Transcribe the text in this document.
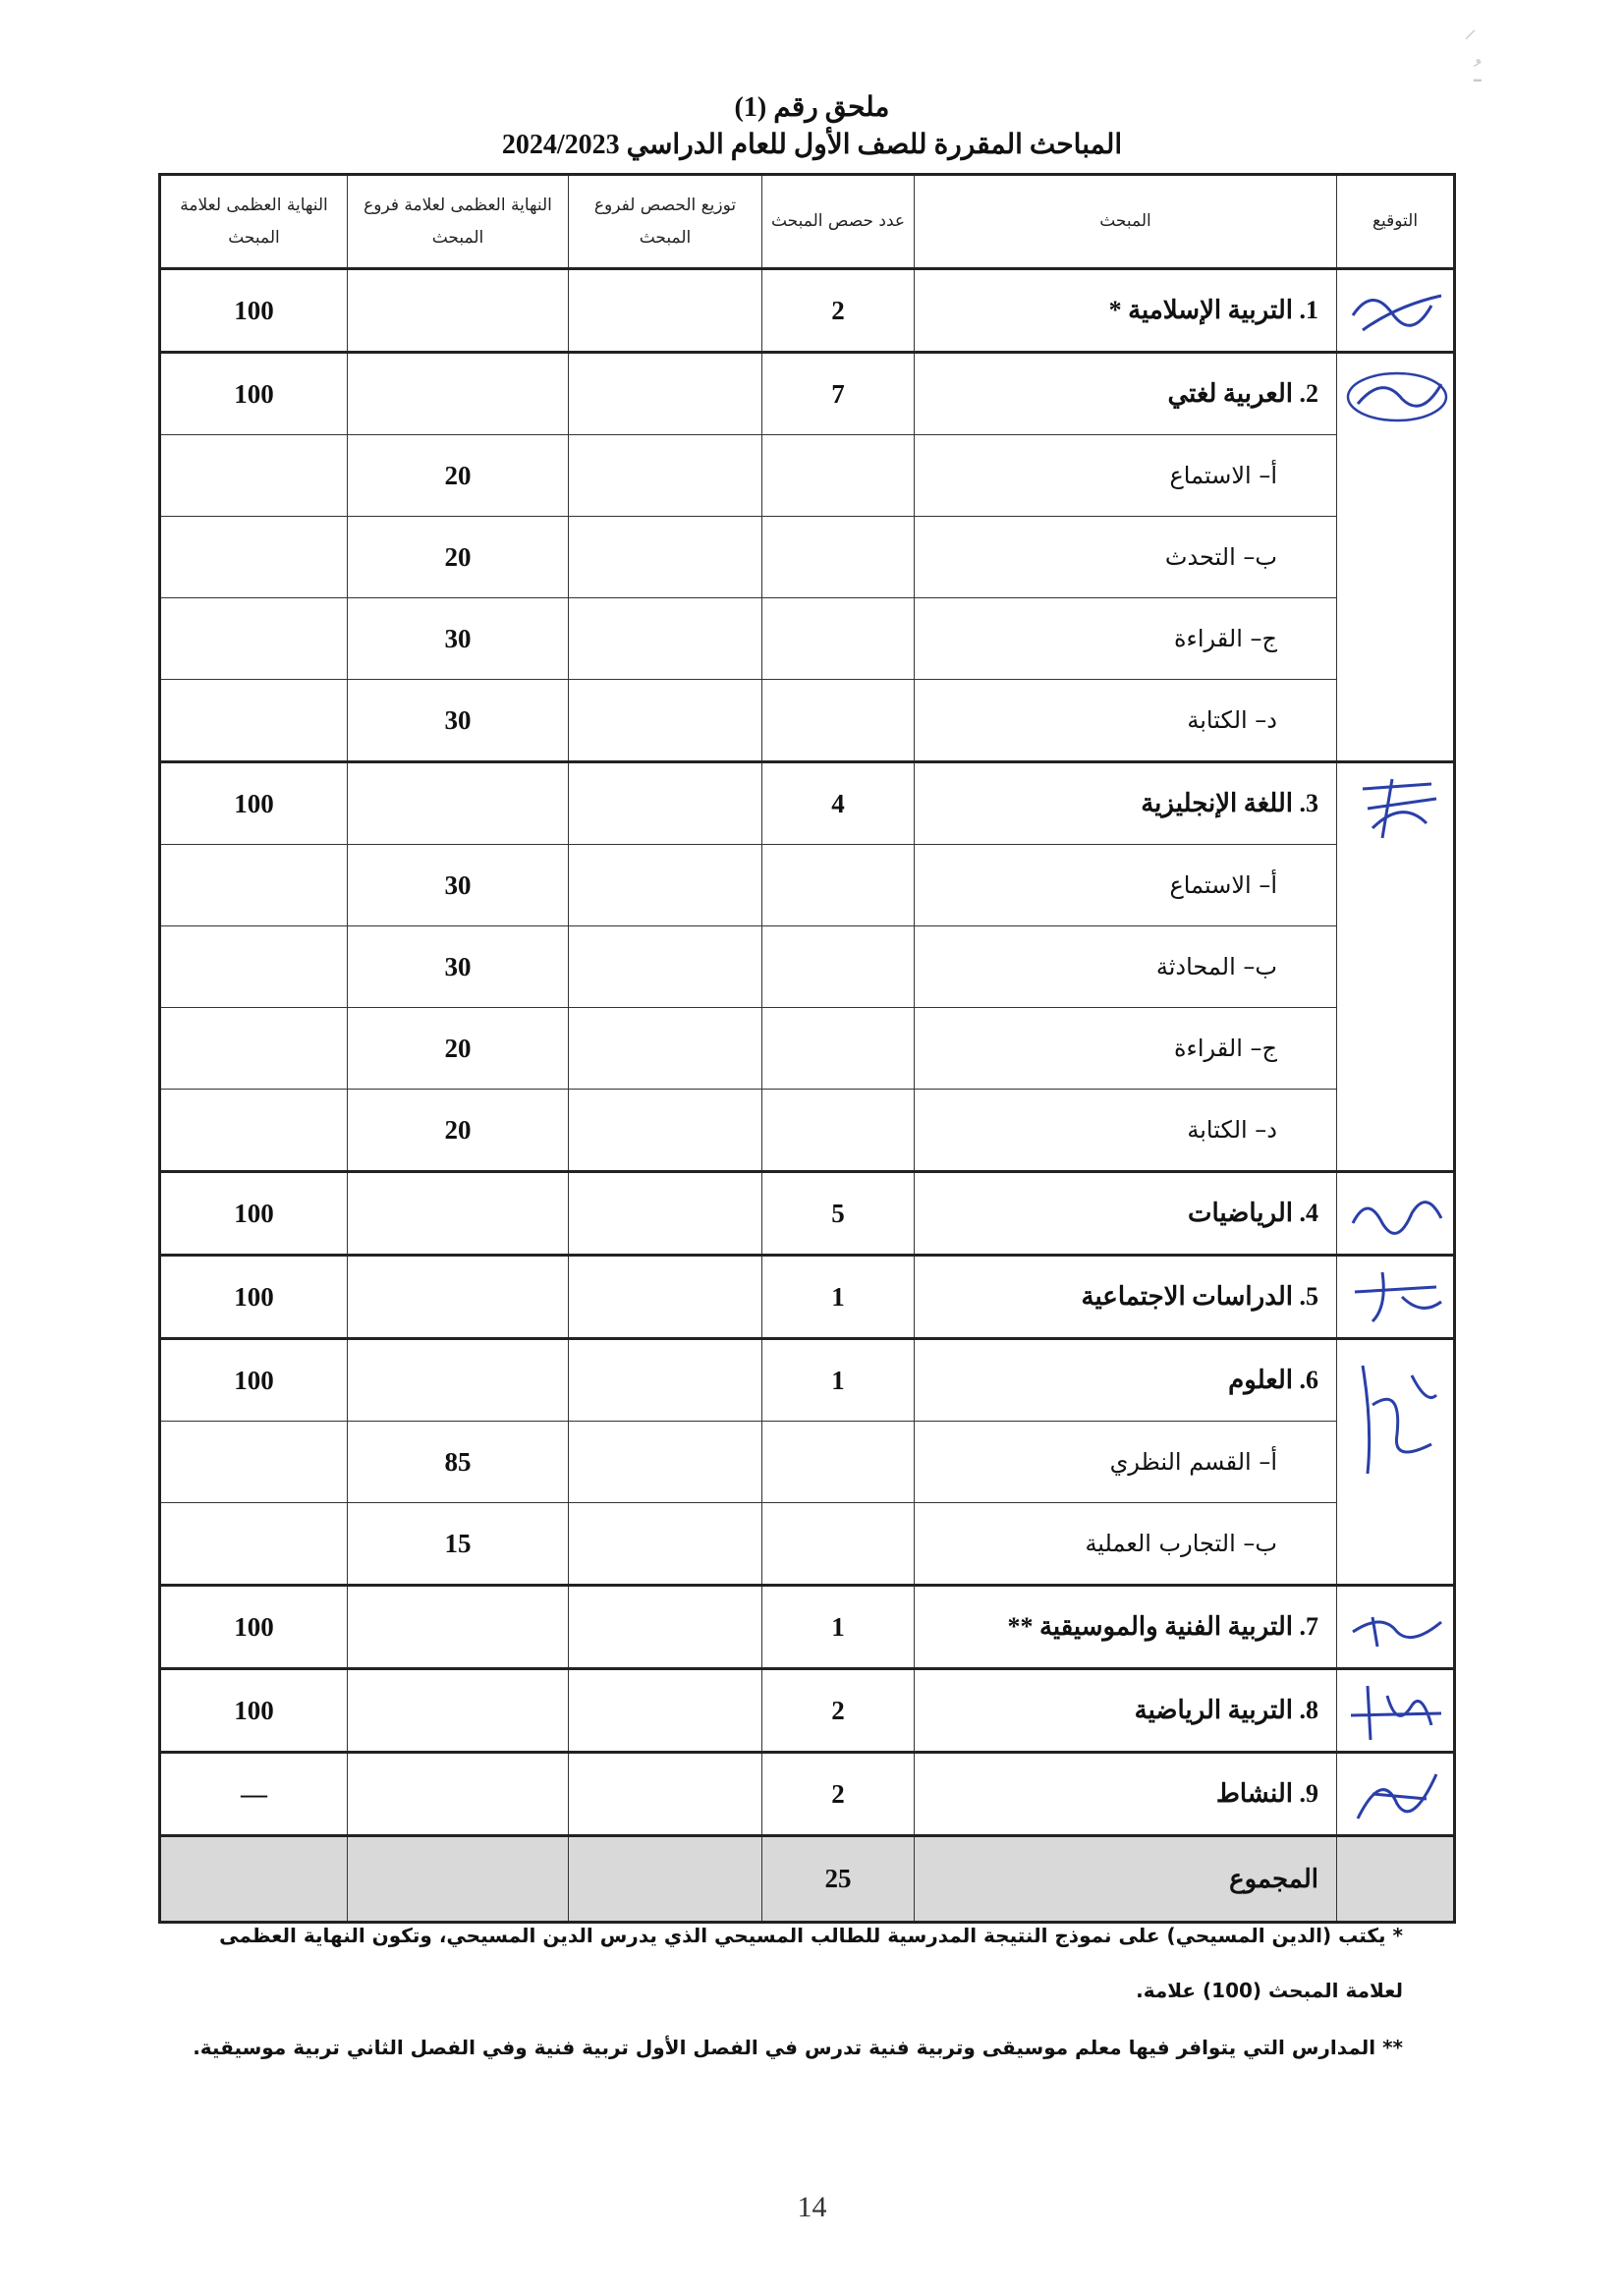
⸝
ـُ
ملحق رقم (1)
المباحث المقررة للصف الأول للعام الدراسي 2024/2023
التوقيع	المبحث	عدد حصص المبحث	توزيع الحصص لفروع المبحث	النهاية العظمى لعلامة فروع المبحث	النهاية العظمى لعلامة المبحث

	1. التربية الإسلامية *	2			100

	2. العربية لغتي	7			100
	أ– الاستماع			20	
	ب– التحدث			20	
	ج– القراءة			30	
	د– الكتابة			30	

	3. اللغة الإنجليزية	4			100
	أ– الاستماع			30	
	ب– المحادثة			30	
	ج– القراءة			20	
	د– الكتابة			20	

	4. الرياضيات	5			100

	5. الدراسات الاجتماعية	1			100

	6. العلوم	1			100
	أ– القسم النظري			85	
	ب– التجارب العملية			15	

	7. التربية الفنية والموسيقية **	1			100

	8. التربية الرياضية	2			100

	9. النشاط	2			––
	المجموع	25			
* يكتب (الدين المسيحي) على نموذج النتيجة المدرسية للطالب المسيحي الذي يدرس الدين المسيحي، وتكون النهاية العظمى
لعلامة المبحث (100) علامة.
** المدارس التي يتوافر فيها معلم موسيقى وتربية فنية تدرس في الفصل الأول تربية فنية وفي الفصل الثاني تربية موسيقية.
14
